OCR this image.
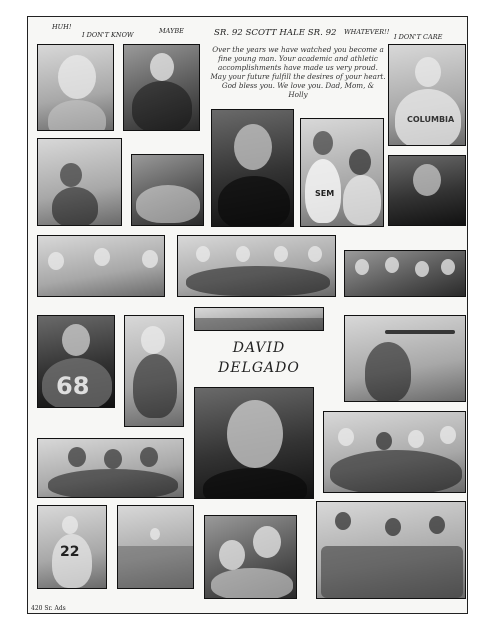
HUH!
I DON'T KNOW	MAYBE	SR. 92 SCOTT HALE SR. 92 WHATEVER!!
I DON'T CARE
Over the years we have watched you become a
fine young man. Your academic and athletic
accomplishments have made us very proud.
May your future fulfill the desires of your heart.
God bless you. We love you. Dad, Mom, &
Holly
COLUMBIA
SEM
68
DAVID
DELGADO
22
420 Sr. Ads
